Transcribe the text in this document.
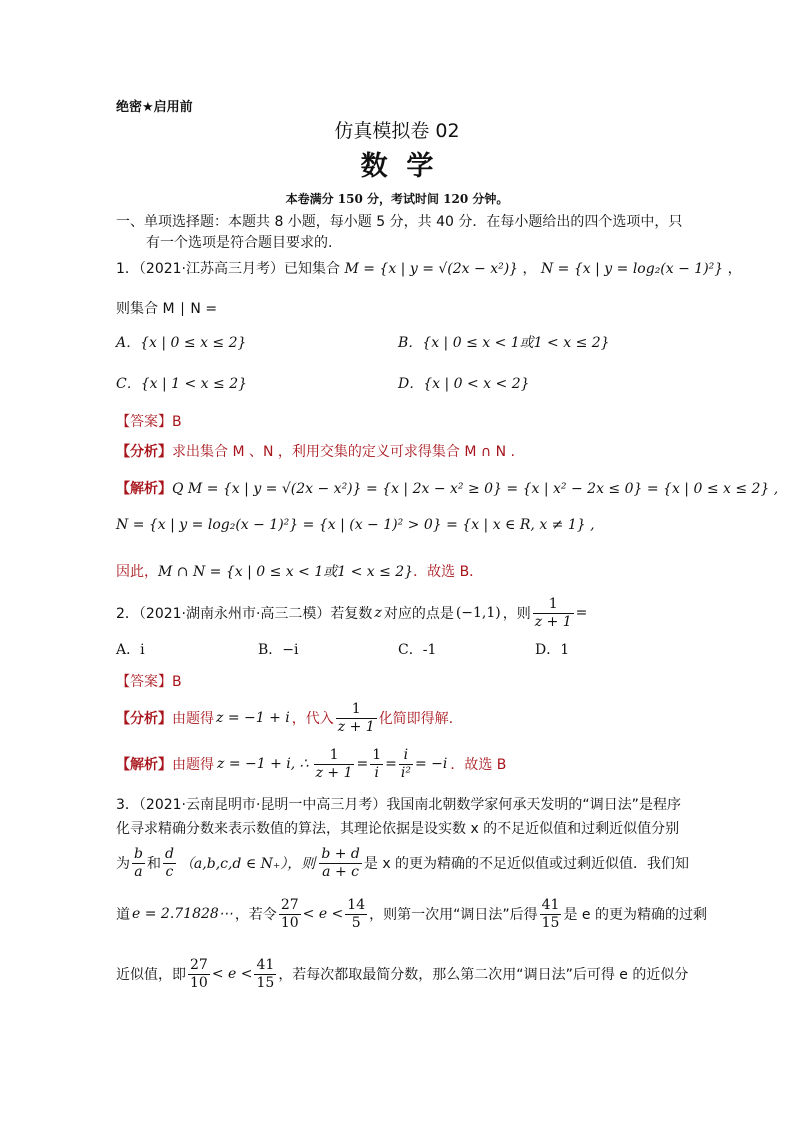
绝密★启用前
仿真模拟卷 02
数  学
本卷满分 150 分，考试时间 120 分钟。
一、单项选择题：本题共 8 小题，每小题 5 分，共 40 分．在每小题给出的四个选项中，只
有一个选项是符合题目要求的.
1．（2021·江苏高三月考）已知集合 M = {x | y = √(2x − x²)} ， N = {x | y = log₂(x − 1)²} ，
则集合 M ∣ N =
A．{x | 0 ≤ x ≤ 2}	B．{x | 0 ≤ x < 1或1 < x ≤ 2}
C．{x | 1 < x ≤ 2}	D．{x | 0 < x < 2}
【答案】B
【分析】求出集合 M 、N ，利用交集的定义可求得集合 M ∩ N .
【解析】Q M = {x | y = √(2x − x²)} = {x | 2x − x² ≥ 0} = {x | x² − 2x ≤ 0} = {x | 0 ≤ x ≤ 2} ,
N = {x | y = log₂(x − 1)²} = {x | (x − 1)² > 0} = {x | x ∈ R, x ≠ 1} ,
因此，M ∩ N = {x | 0 ≤ x < 1或1 < x ≤ 2}．故选 B．
2．（2021·湖南永州市·高三二模）若复数 z 对应的点是 (−1,1) ，则 $\frac{1}{z + 1}$ =
A．i	B．−i	C．-1	D．1
【答案】B
【分析】 由题得 z = −1 + i ，代入 $\frac{1}{z + 1}$ 化简即得解.
【解析】 由题得 z = −1 + i, ∴ $\frac{1}{z + 1} = \frac{1}{i} = \frac{i}{\text{i²}} = -i$ ．故选 B
3．（2021·云南昆明市·昆明一中高三月考）我国南北朝数学家何承天发明的“调日法”是程序
化寻求精确分数来表示数值的算法，其理论依据是设实数 x 的不足近似值和过剩近似值分别
为 $\frac{b}{a}$ 和 $\frac{d}{c} (a,b,c,d$ ∈ N₊），则 $\frac{b + d}{a + c}$ 是 x 的更为精确的不足近似值或过剩近似值．我们知
道 e = 2.71828⋯ ，若令 $\frac{27}{10} < e < \frac{14}{5}$ ，则第一次用“调日法”后得 $\frac{41}{15}$ 是 e 的更为精确的过剩
近似值，即 $\frac{27}{10} < e < \frac{41}{15}$ ，若每次都取最简分数，那么第二次用“调日法”后可得 e 的近似分
